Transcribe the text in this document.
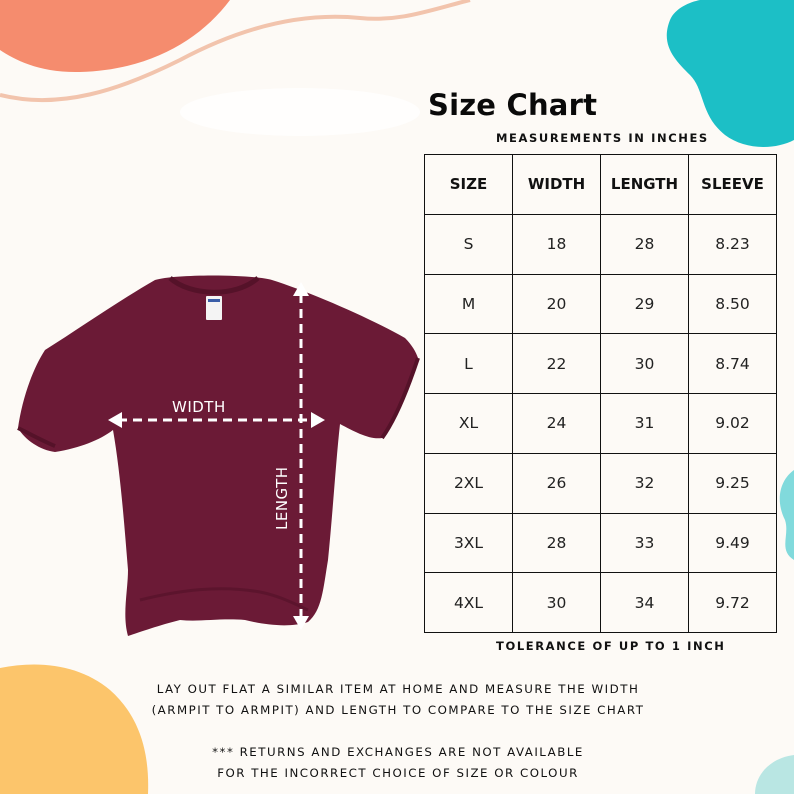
Size Chart
MEASUREMENTS IN INCHES
SIZE	WIDTH	LENGTH	SLEEVE
S	18	28	8.23
M	20	29	8.50
L	22	30	8.74
XL	24	31	9.02
2XL	26	32	9.25
3XL	28	33	9.49
4XL	30	34	9.72
TOLERANCE OF UP TO 1 INCH
WIDTH
LENGTH
LAY OUT FLAT A SIMILAR ITEM AT HOME AND MEASURE THE WIDTH
(ARMPIT TO ARMPIT) AND LENGTH TO COMPARE TO THE SIZE CHART
*** RETURNS AND EXCHANGES ARE NOT AVAILABLE
FOR THE INCORRECT CHOICE OF SIZE OR COLOUR
